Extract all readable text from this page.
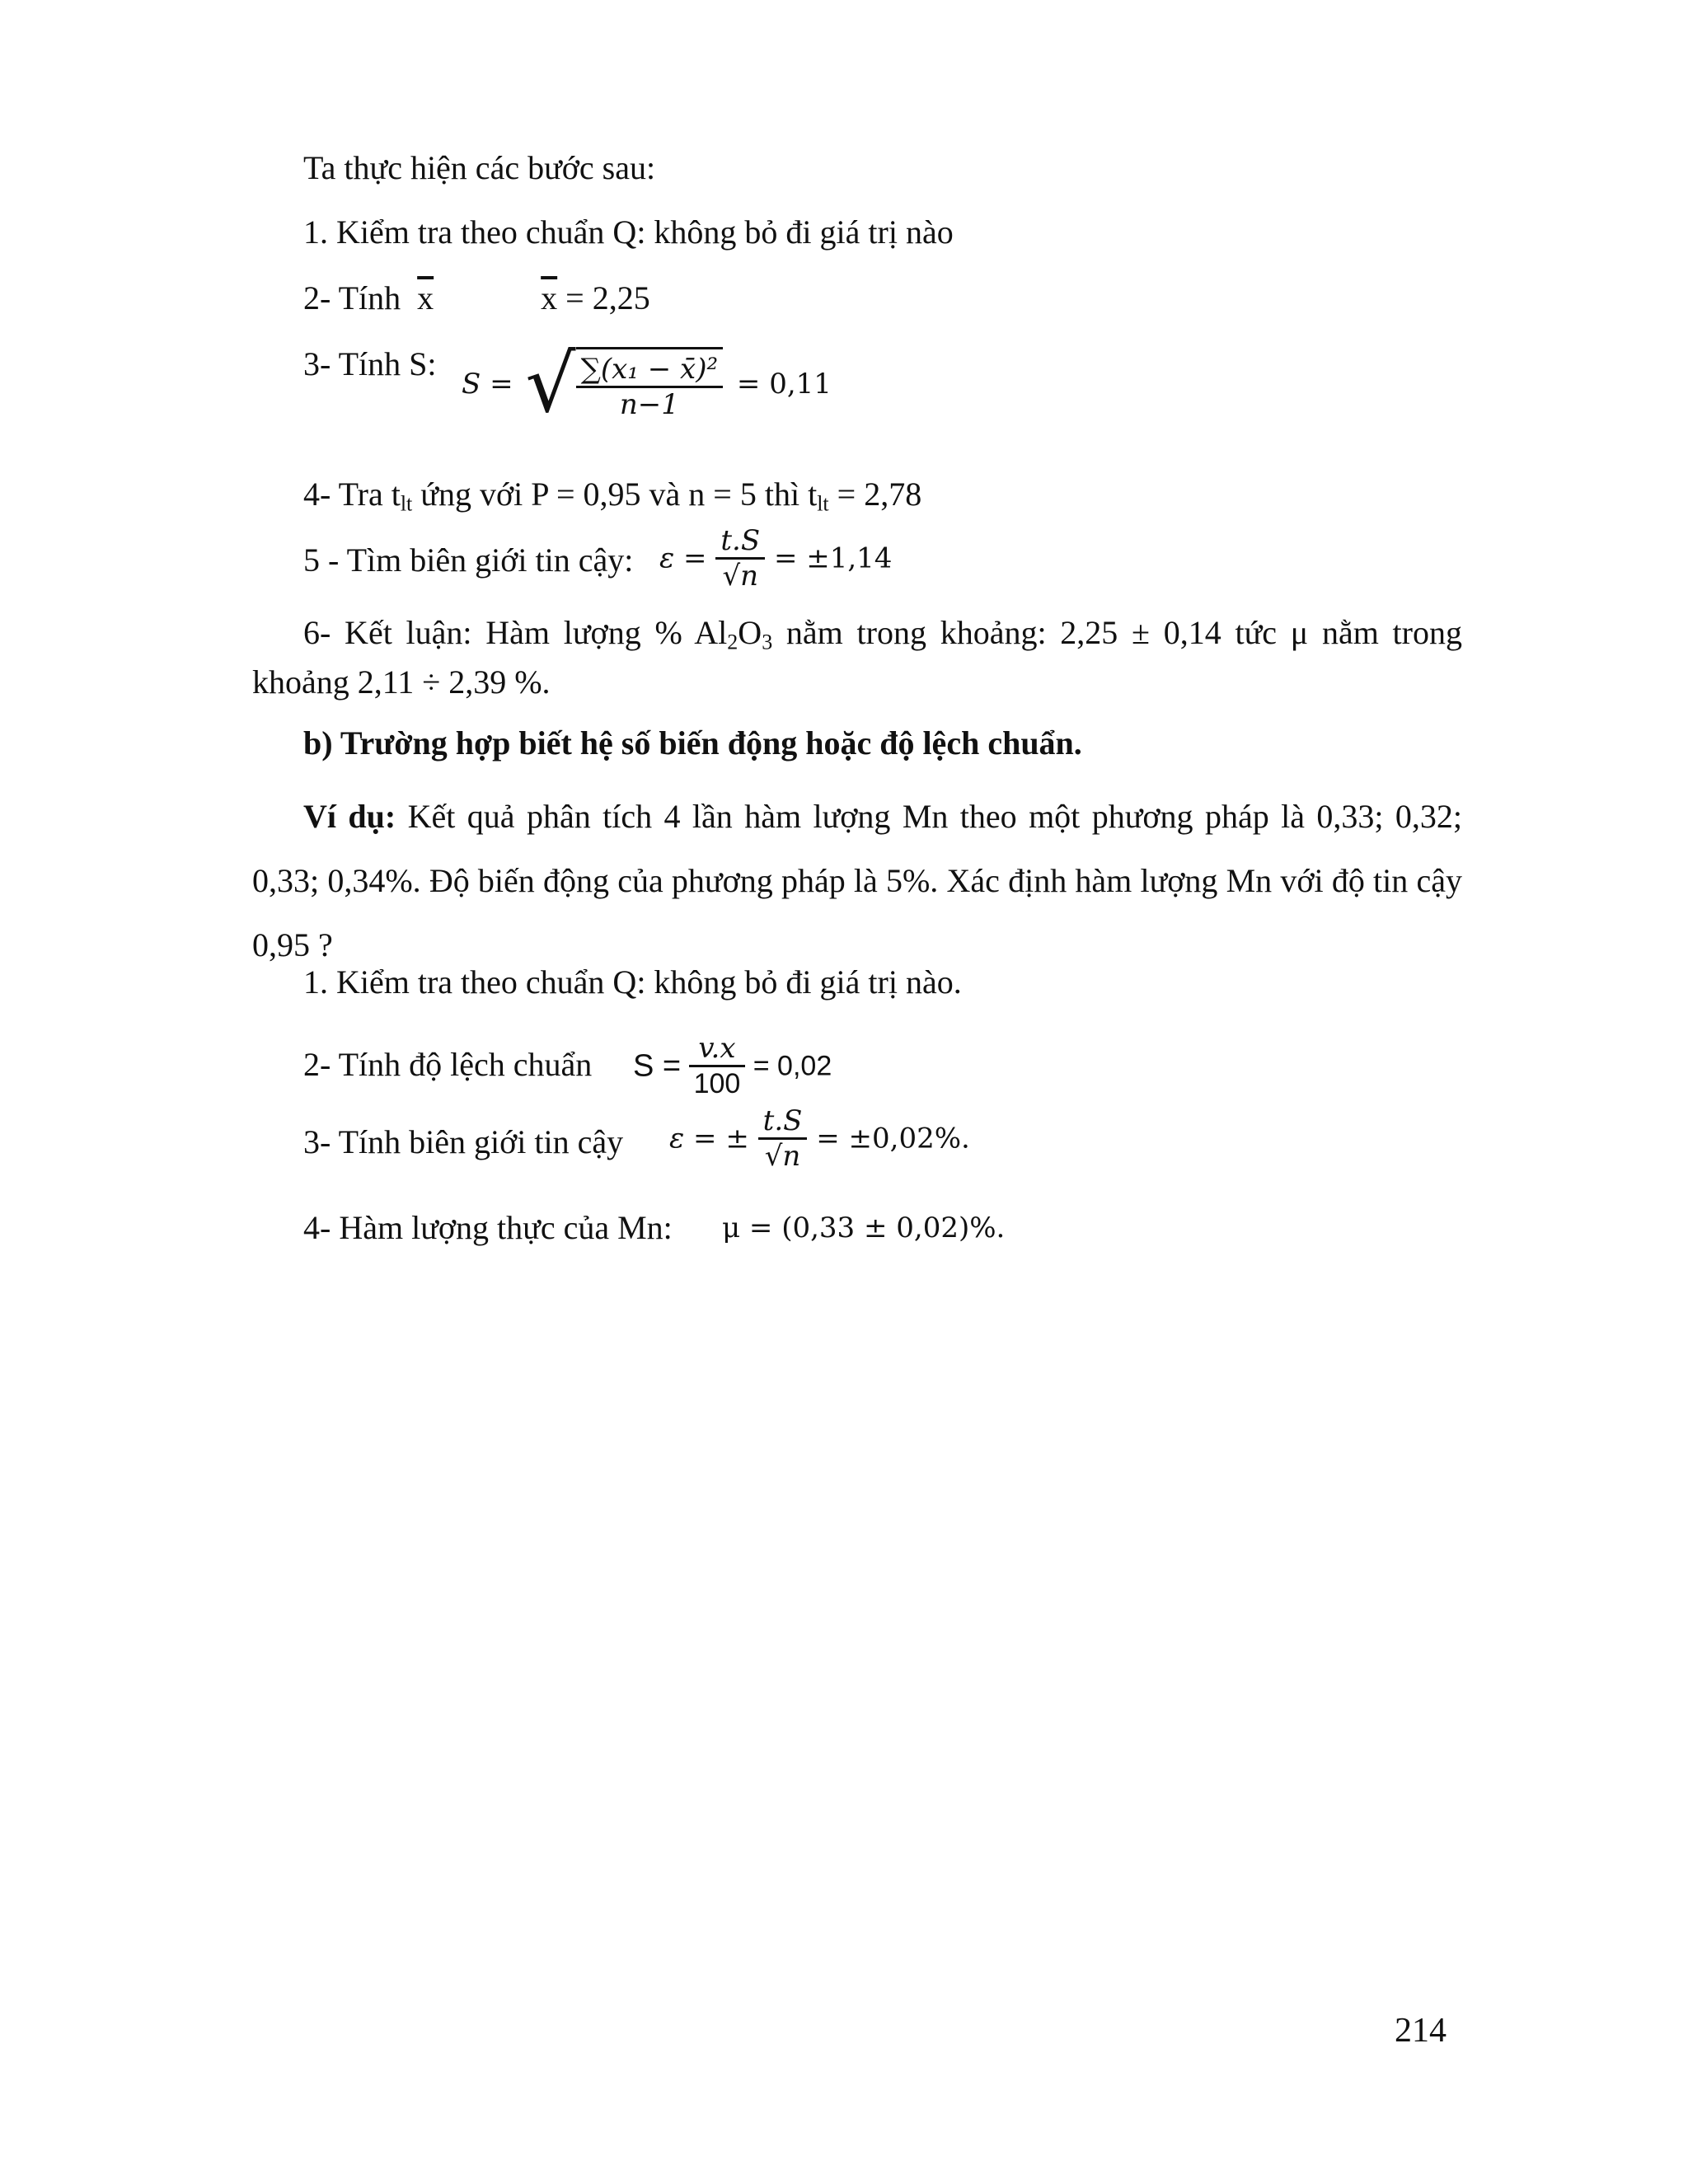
Ta thực hiện các bước sau:
1. Kiểm tra theo chuẩn Q: không bỏ đi giá trị nào
2- Tính $\overline{x}$	$\overline{x} = 2,25$
3- Tính S:
S = √ $\frac{\text{∑(x₁ − x̄)²}}{n-1} = 0,11$
4- Tra $t_{lt}$ ứng với P = 0,95 và n = 5 thì $t_{lt} = 2,78$
5 - Tìm biên giới tin cậy: $\varepsilon = \frac{t.S}{√n} = \pm 1,14$
6- Kết luận: Hàm lượng % $Al_2O_3$ nằm trong khoảng: 2,25 ± 0,14 tức μ nằm trong khoảng 2,11 ÷ 2,39 %.
b) Trường hợp biết hệ số biến động hoặc độ lệch chuẩn.
Ví dụ: Kết quả phân tích 4 lần hàm lượng Mn theo một phương pháp là 0,33; 0,32; 0,33; 0,34%. Độ biến động của phương pháp là 5%. Xác định hàm lượng Mn với độ tin cậy 0,95 ?
1. Kiểm tra theo chuẩn Q: không bỏ đi giá trị nào.
2- Tính độ lệch chuẩn $S = \frac{v.x}{100} = 0,02$
3- Tính biên giới tin cậy ε = ± $\frac{t.S}{√n} = \pm 0,02\%$.
4- Hàm lượng thực của Mn: μ = (0,33 ± 0,02)%.
214
